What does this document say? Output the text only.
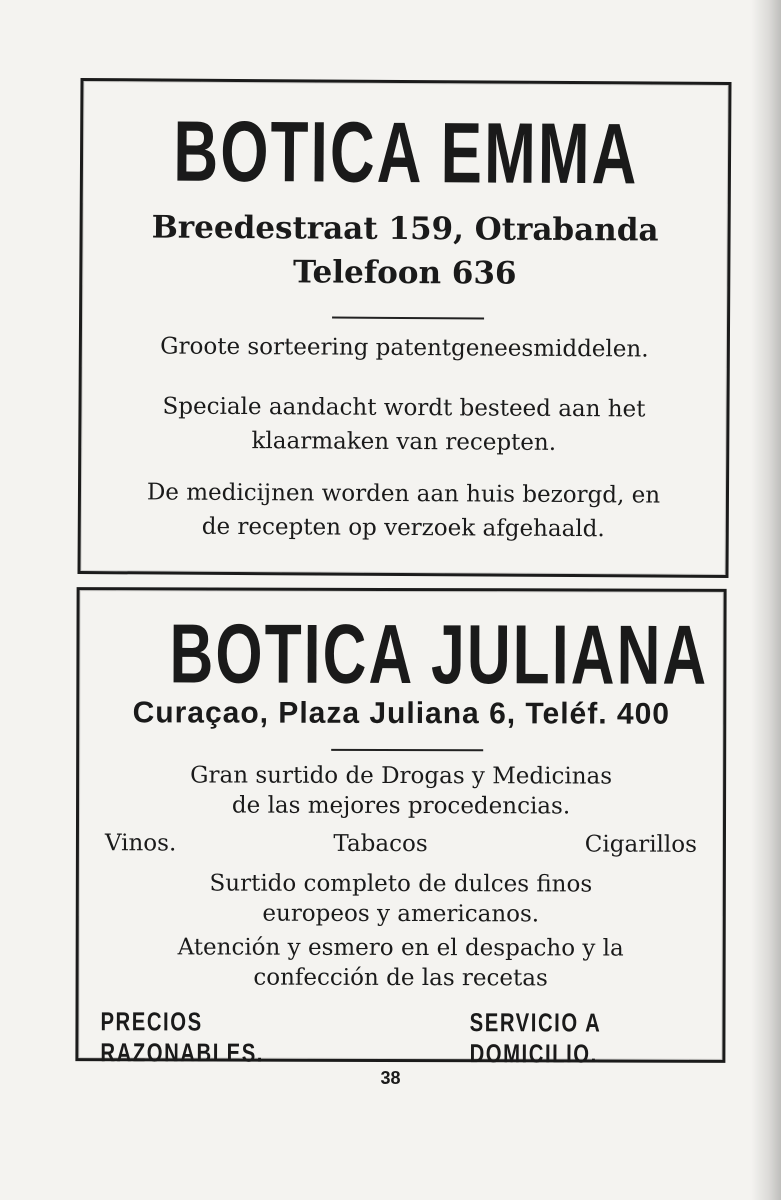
BOTICA EMMA
Breedestraat 159, Otrabanda
Telefoon 636
Groote sorteering patentgeneesmiddelen.
Speciale aandacht wordt besteed aan het
klaarmaken van recepten.
De medicijnen worden aan huis bezorgd, en
de recepten op verzoek afgehaald.
BOTICA JULIANA
Curaçao, Plaza Juliana 6, Teléf. 400
Gran surtido de Drogas y Medicinas
de las mejores procedencias.
Vinos.	Tabacos	Cigarillos
Surtido completo de dulces finos
europeos y americanos.
Atención y esmero en el despacho y la
confección de las recetas
PRECIOS RAZONABLES.
SERVICIO A DOMICILIO.
38
